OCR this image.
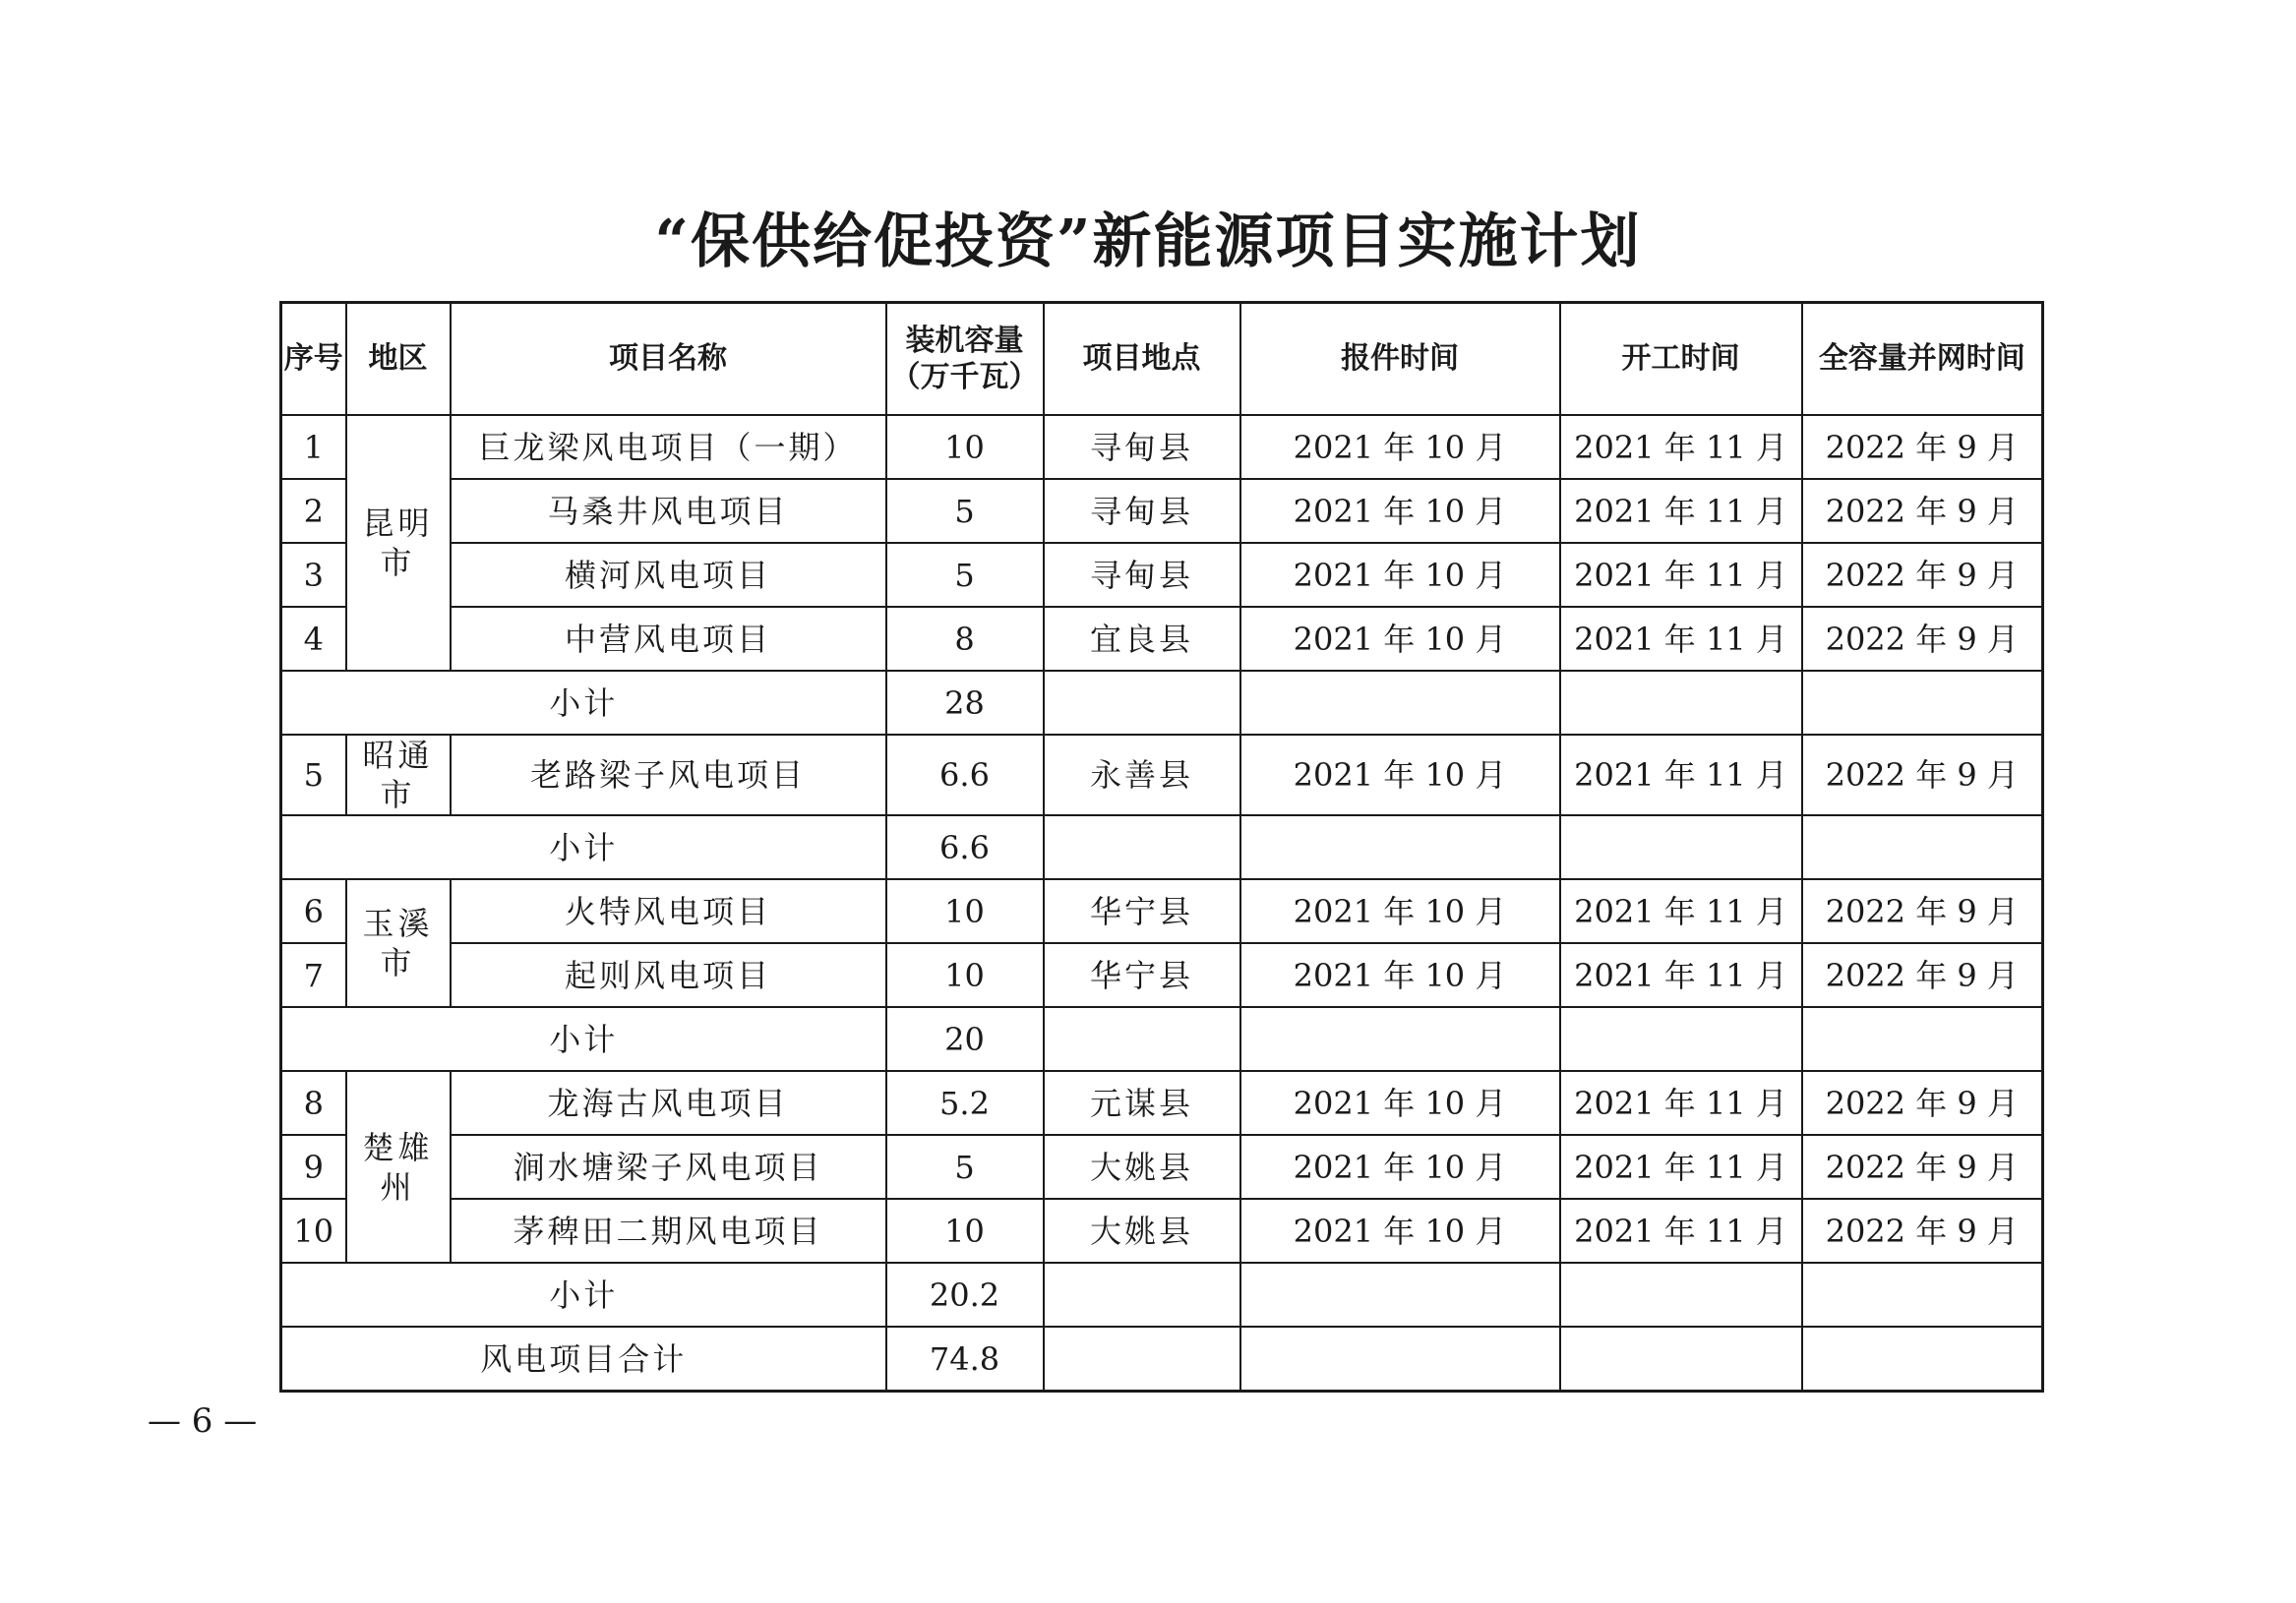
“保供给促投资”新能源项目实施计划
序号	地区	项目名称	装机容量（万千瓦）	项目地点	报件时间	开工时间	全容量并网时间
1	昆明市	巨龙梁风电项目（一期）	10	寻甸县	2021 年 10 月	2021 年 11 月	2022 年 9 月
2		马桑井风电项目	5	寻甸县	2021 年 10 月	2021 年 11 月	2022 年 9 月
3		横河风电项目	5	寻甸县	2021 年 10 月	2021 年 11 月	2022 年 9 月
4		中营风电项目	8	宜良县	2021 年 10 月	2021 年 11 月	2022 年 9 月
小计			28				
5	昭通市	老路梁子风电项目	6.6	永善县	2021 年 10 月	2021 年 11 月	2022 年 9 月
小计			6.6				
6	玉溪市	火特风电项目	10	华宁县	2021 年 10 月	2021 年 11 月	2022 年 9 月
7		起则风电项目	10	华宁县	2021 年 10 月	2021 年 11 月	2022 年 9 月
小计			20				
8	楚雄州	龙海古风电项目	5.2	元谋县	2021 年 10 月	2021 年 11 月	2022 年 9 月
9		涧水塘梁子风电项目	5	大姚县	2021 年 10 月	2021 年 11 月	2022 年 9 月
10		茅稗田二期风电项目	10	大姚县	2021 年 10 月	2021 年 11 月	2022 年 9 月
小计			20.2				
风电项目合计			74.8				
— 6 —
